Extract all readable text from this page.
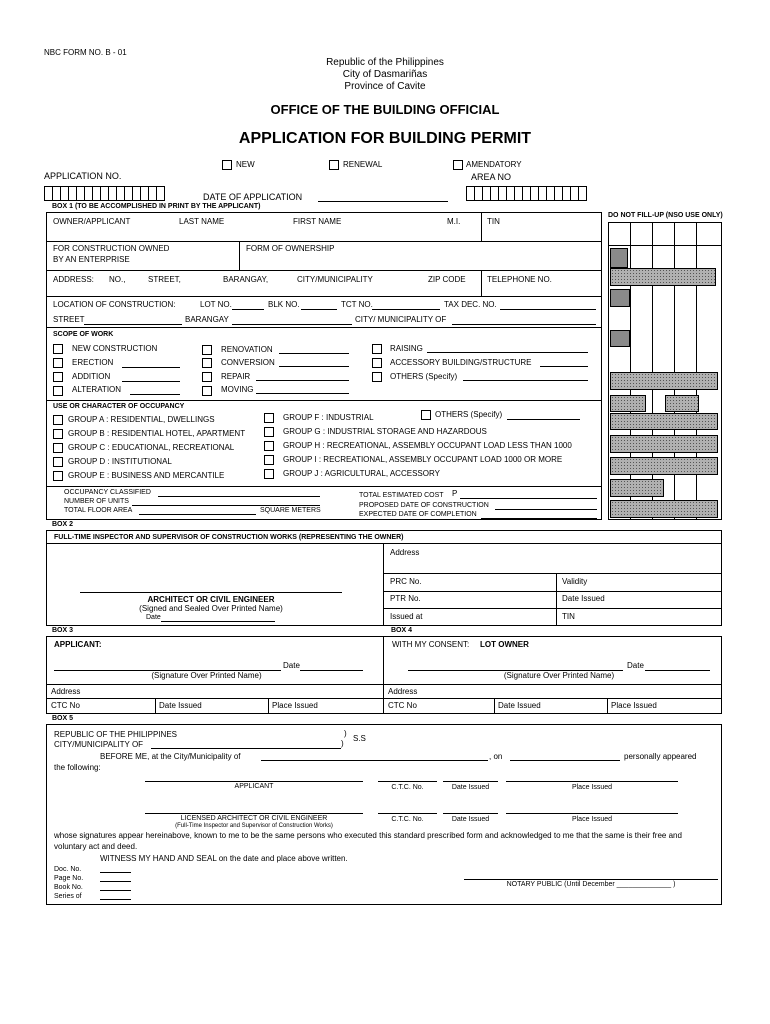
NBC FORM NO. B - 01
Republic of the Philippines
City of Dasmariñas
Province of Cavite
OFFICE OF THE BUILDING OFFICIAL
APPLICATION FOR BUILDING PERMIT
NEW	RENEWAL	AMENDATORY
APPLICATION NO.	AREA NO
DATE OF APPLICATION
BOX 1 (TO BE ACCOMPLISHED IN PRINT BY THE APPLICANT)
DO NOT FILL-UP (NSO USE ONLY)
OWNER/APPLICANT	LAST NAME	FIRST NAME	M.I.	TIN
FOR CONSTRUCTION OWNED
BY AN ENTERPRISE
FORM OF OWNERSHIP
ADDRESS: NO.,	STREET,	BARANGAY,	CITY/MUNICIPALITY	ZIP CODE	TELEPHONE NO.
LOCATION OF CONSTRUCTION:	LOT NO.	BLK NO.	TCT NO.	TAX DEC. NO.
STREET	BARANGAY	CITY/ MUNICIPALITY OF
SCOPE OF WORK
NEW CONSTRUCTION
ERECTION
ADDITION
ALTERATION
RENOVATION
CONVERSION
REPAIR
MOVING
RAISING
ACCESSORY BUILDING/STRUCTURE
OTHERS (Specify)
USE OR CHARACTER OF OCCUPANCY
GROUP A : RESIDENTIAL, DWELLINGS
GROUP B : RESIDENTIAL HOTEL, APARTMENT
GROUP C : EDUCATIONAL, RECREATIONAL
GROUP D : INSTITUTIONAL
GROUP E : BUSINESS AND MERCANTILE
GROUP F : INDUSTRIAL
GROUP G : INDUSTRIAL STORAGE AND HAZARDOUS
GROUP H : RECREATIONAL, ASSEMBLY OCCUPANT LOAD LESS THAN 1000
GROUP I : RECREATIONAL, ASSEMBLY OCCUPANT LOAD 1000 OR MORE
GROUP J : AGRICULTURAL, ACCESSORY
OTHERS (Specify)
OCCUPANCY CLASSIFIED
NUMBER OF UNITS
TOTAL FLOOR AREA	SQUARE METERS
TOTAL ESTIMATED COST P
PROPOSED DATE OF CONSTRUCTION
EXPECTED DATE OF COMPLETION
BOX 2
FULL-TIME INSPECTOR AND SUPERVISOR OF CONSTRUCTION WORKS (REPRESENTING THE OWNER)
Address
PRC No.	Validity
PTR No.	Date Issued
Issued at	TIN
ARCHITECT OR CIVIL ENGINEER
(Signed and Sealed Over Printed Name)
Date
BOX 3	BOX 4
APPLICANT:
Date
(Signature Over Printed Name)
WITH MY CONSENT: LOT OWNER
Date
(Signature Over Printed Name)
Address	Address
CTC No	Date Issued	Place Issued	CTC No	Date Issued	Place Issued
BOX 5
REPUBLIC OF THE PHILIPPINES	)
S.S
CITY/MUNICIPALITY OF	)
BEFORE ME, at the City/Municipality of	, on	personally appeared
the following:
APPLICANT	C.T.C. No.	Date Issued	Place Issued
LICENSED ARCHITECT OR CIVIL ENGINEER
(Full-Time Inspector and Supervisor of Construction Works)
C.T.C. No.	Date Issued	Place Issued
whose signatures appear hereinabove, known to me to be the same persons who executed this standard prescribed form and acknowledged to me that the same is their free and
voluntary act and deed.
WITNESS MY HAND AND SEAL on the date and place above written.
Doc. No.
Page No.
Book No.
Series of
NOTARY PUBLIC (Until December ______________ )
